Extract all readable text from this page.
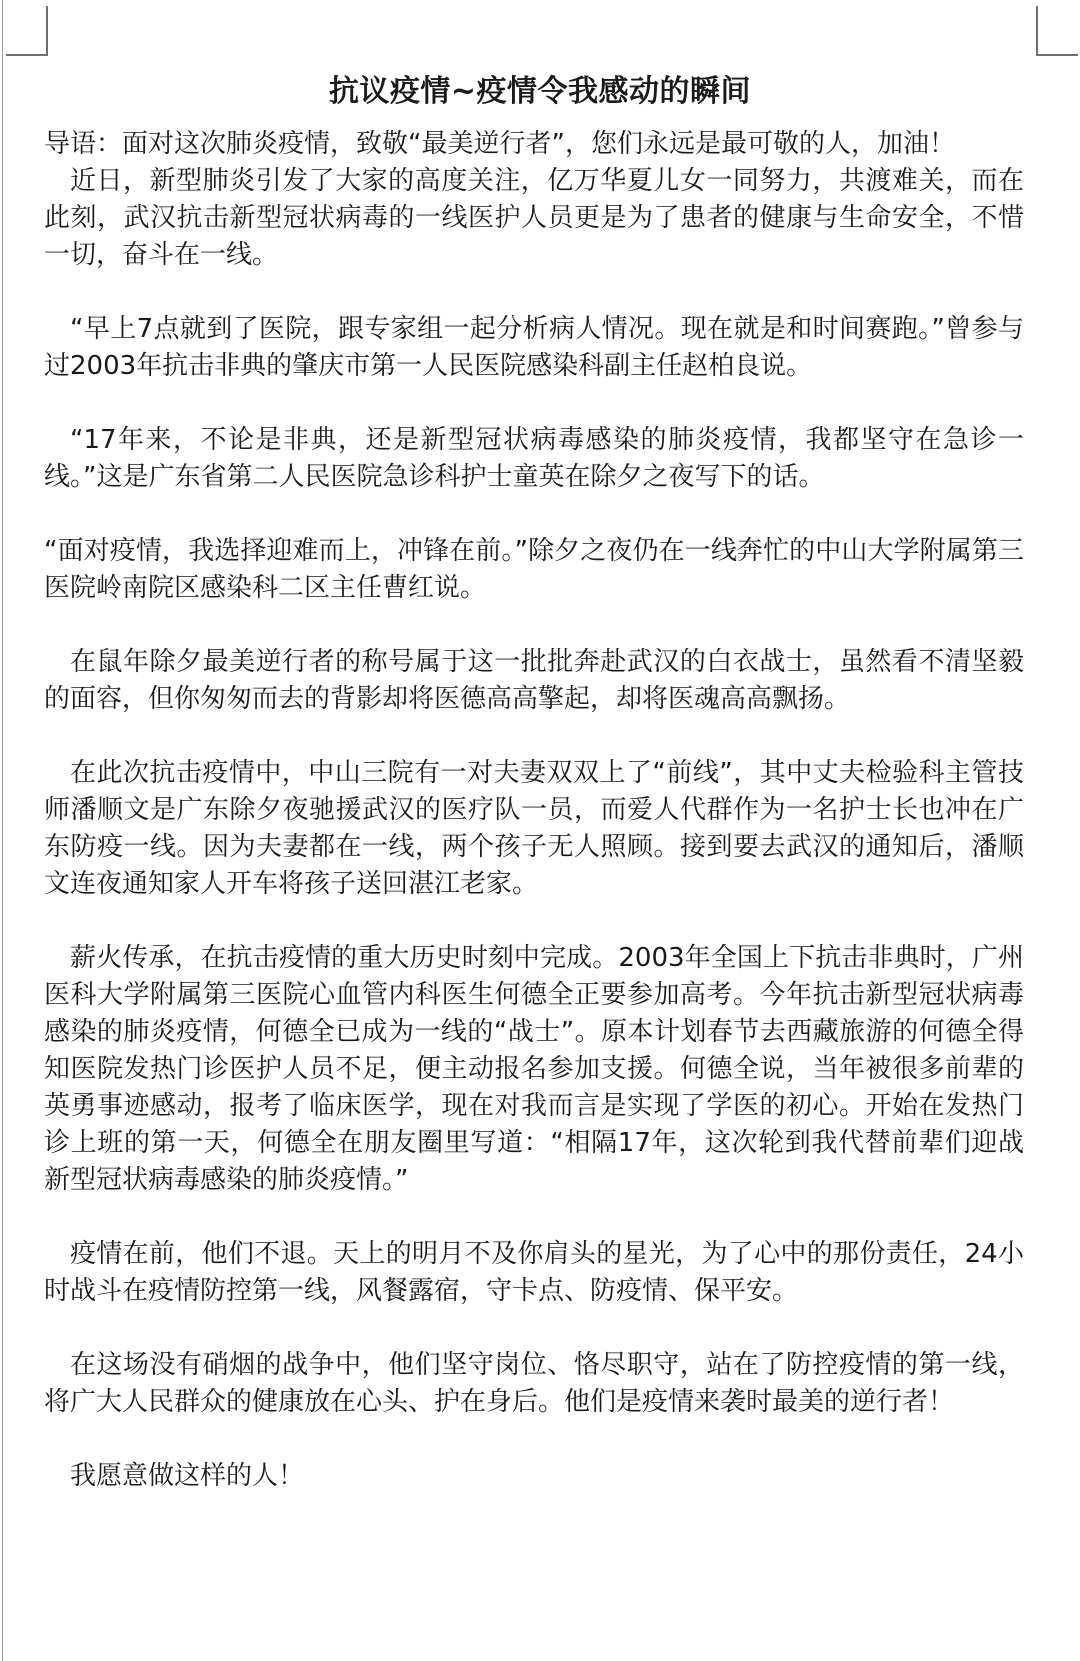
抗议疫情~疫情令我感动的瞬间

导语：面对这次肺炎疫情，致敬“最美逆行者”，您们永远是最可敬的人，加油！

近日，新型肺炎引发了大家的高度关注，亿万华夏儿女一同努力，共渡难关，而在此刻，武汉抗击新型冠状病毒的一线医护人员更是为了患者的健康与生命安全，不惜一切，奋斗在一线。

“早上7点就到了医院，跟专家组一起分析病人情况。现在就是和时间赛跑。”曾参与过2003年抗击非典的肇庆市第一人民医院感染科副主任赵柏良说。

“17年来，不论是非典，还是新型冠状病毒感染的肺炎疫情，我都坚守在急诊一线。”这是广东省第二人民医院急诊科护士童英在除夕之夜写下的话。

“面对疫情，我选择迎难而上，冲锋在前。”除夕之夜仍在一线奔忙的中山大学附属第三医院岭南院区感染科二区主任曹红说。

在鼠年除夕最美逆行者的称号属于这一批批奔赴武汉的白衣战士，虽然看不清坚毅的面容，但你匆匆而去的背影却将医德高高擎起，却将医魂高高飘扬。

在此次抗击疫情中，中山三院有一对夫妻双双上了“前线”，其中丈夫检验科主管技师潘顺文是广东除夕夜驰援武汉的医疗队一员，而爱人代群作为一名护士长也冲在广东防疫一线。因为夫妻都在一线，两个孩子无人照顾。接到要去武汉的通知后，潘顺文连夜通知家人开车将孩子送回湛江老家。

薪火传承，在抗击疫情的重大历史时刻中完成。2003年全国上下抗击非典时，广州医科大学附属第三医院心血管内科医生何德全正要参加高考。今年抗击新型冠状病毒感染的肺炎疫情，何德全已成为一线的“战士”。原本计划春节去西藏旅游的何德全得知医院发热门诊医护人员不足，便主动报名参加支援。何德全说，当年被很多前辈的英勇事迹感动，报考了临床医学，现在对我而言是实现了学医的初心。开始在发热门诊上班的第一天，何德全在朋友圈里写道：“相隔17年，这次轮到我代替前辈们迎战新型冠状病毒感染的肺炎疫情。”

疫情在前，他们不退。天上的明月不及你肩头的星光，为了心中的那份责任，24小时战斗在疫情防控第一线，风餐露宿，守卡点、防疫情、保平安。

在这场没有硝烟的战争中，他们坚守岗位、恪尽职守，站在了防控疫情的第一线，将广大人民群众的健康放在心头、护在身后。他们是疫情来袭时最美的逆行者！

我愿意做这样的人！
